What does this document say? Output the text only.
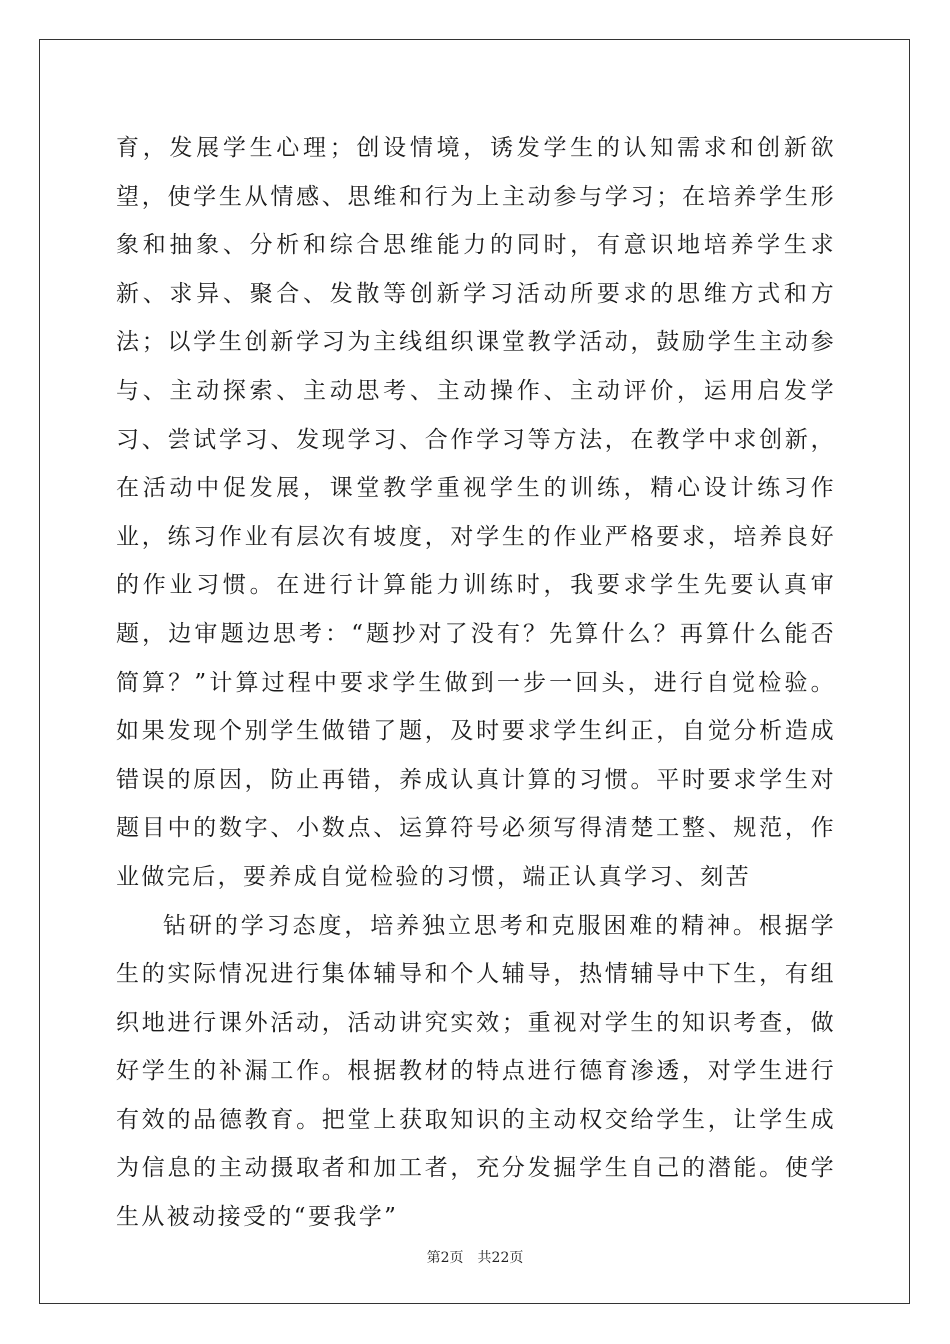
育，发展学生心理；创设情境，诱发学生的认知需求和创新欲望，使学生从情感、思维和行为上主动参与学习；在培养学生形象和抽象、分析和综合思维能力的同时，有意识地培养学生求新、求异、聚合、发散等创新学习活动所要求的思维方式和方法；以学生创新学习为主线组织课堂教学活动，鼓励学生主动参与、主动探索、主动思考、主动操作、主动评价，运用启发学习、尝试学习、发现学习、合作学习等方法，在教学中求创新，在活动中促发展，课堂教学重视学生的训练，精心设计练习作业，练习作业有层次有坡度，对学生的作业严格要求，培养良好的作业习惯。在进行计算能力训练时，我要求学生先要认真审题，边审题边思考：“题抄对了没有？先算什么？再算什么能否简算？”计算过程中要求学生做到一步一回头，进行自觉检验。如果发现个别学生做错了题，及时要求学生纠正，自觉分析造成错误的原因，防止再错，养成认真计算的习惯。平时要求学生对题目中的数字、小数点、运算符号必须写得清楚工整、规范，作业做完后，要养成自觉检验的习惯，端正认真学习、刻苦

钻研的学习态度，培养独立思考和克服困难的精神。根据学生的实际情况进行集体辅导和个人辅导，热情辅导中下生，有组织地进行课外活动，活动讲究实效；重视对学生的知识考查，做好学生的补漏工作。根据教材的特点进行德育渗透，对学生进行有效的品德教育。把堂上获取知识的主动权交给学生，让学生成为信息的主动摄取者和加工者，充分发掘学生自己的潜能。使学生从被动接受的“要我学”

第2页 共22页
